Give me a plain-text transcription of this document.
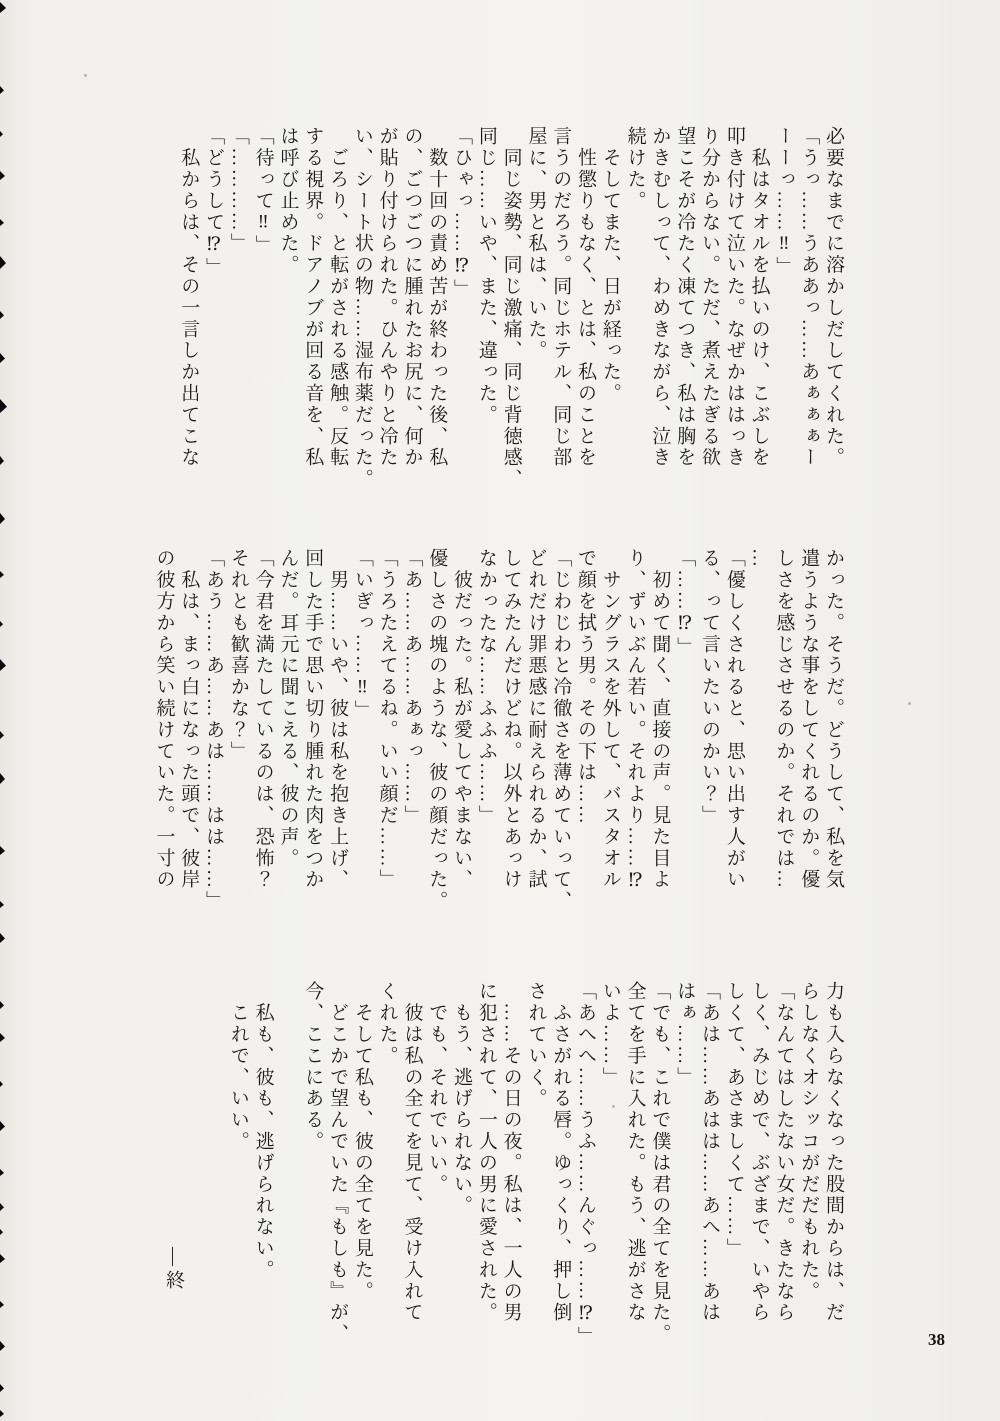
必要なまでに溶かしだしてくれた。

「うっ……うああっ……あぁぁぁー

ーーっ……‼」

　私はタオルを払いのけ、こぶしを

叩き付けて泣いた。なぜかははっき

り分からない。ただ、煮えたぎる欲

望こそが冷たく凍てつき、私は胸を

かきむしって、わめきながら、泣き

続けた。

　そしてまた、日が経った。

　性懲りもなく、とは、私のことを

言うのだろう。同じホテル、同じ部

屋に、男と私は、いた。

　同じ姿勢、同じ激痛、同じ背徳感、

同じ……いや、また、違った。

「ひゃっ……⁉」

　数十回の責め苦が終わった後、私

の、ごつごつに腫れたお尻に、何か

が貼り付けられた。ひんやりと冷た

い、シート状の物……湿布薬だった。

　ごろり、と転がされる感触。反転

する視界。ドアノブが回る音を、私

は呼び止めた。

「待って‼」

「…………」

「どうして⁉」

　私からは、その一言しか出てこな

かった。そうだ。どうして、私を気

遣うような事をしてくれるのか。優

しさを感じさせるのか。それでは…

…

「優しくされると、思い出す人がい

る、って言いたいのかい？」

「……⁉」

　初めて聞く、直接の声。見た目よ

り、ずいぶん若い。それより……⁉

　サングラスを外して、バスタオル

で顔を拭う男。その下は……

「じわじわと冷徹さを薄めていって、

どれだけ罪悪感に耐えられるか、試

してみたんだけどね。以外とあっけ

なかったな……ふふふ……」

　彼だった。私が愛してやまない、

優しさの塊のような、彼の顔だった。

「あ……あ……あぁっ……」

「うろたえてるね。いい顔だ……」

「いぎっ……‼」

　男……いや、彼は私を抱き上げ、

回した手で思い切り腫れた肉をつか

んだ。耳元に聞こえる、彼の声。

「今君を満たしているのは、恐怖？

それとも歓喜かな？」

「あう……あ……あは……はは……」

　私は、まっ白になった頭で、彼岸

の彼方から笑い続けていた。一寸の

力も入らなくなった股間からは、だ

らしなくオシッコがだだもれた。

「なんてはしたない女だ。きたなら

しく、みじめで、ぶざまで、いやら

しくて、あさましくて……」

「あは……あはは……あへ……あは

はぁ……」

「でも、これで僕は君の全てを見た。

全てを手に入れた。もう、逃がさな

いよ……」

「あへへ……うふ……んぐっ……⁉」

　ふさがれる唇。ゆっくり、押し倒

されていく。

　……その日の夜。私は、一人の男

に犯されて、一人の男に愛された。

　もう、逃げられない。

　でも、それでいい。

　彼は私の全てを見て、受け入れて

くれた。

　そして私も、彼の全てを見た。

　どこかで望んでいた『もしも』が、

今、ここにある。

　私も、彼も、逃げられない。

　これで、いい。

―終
38
